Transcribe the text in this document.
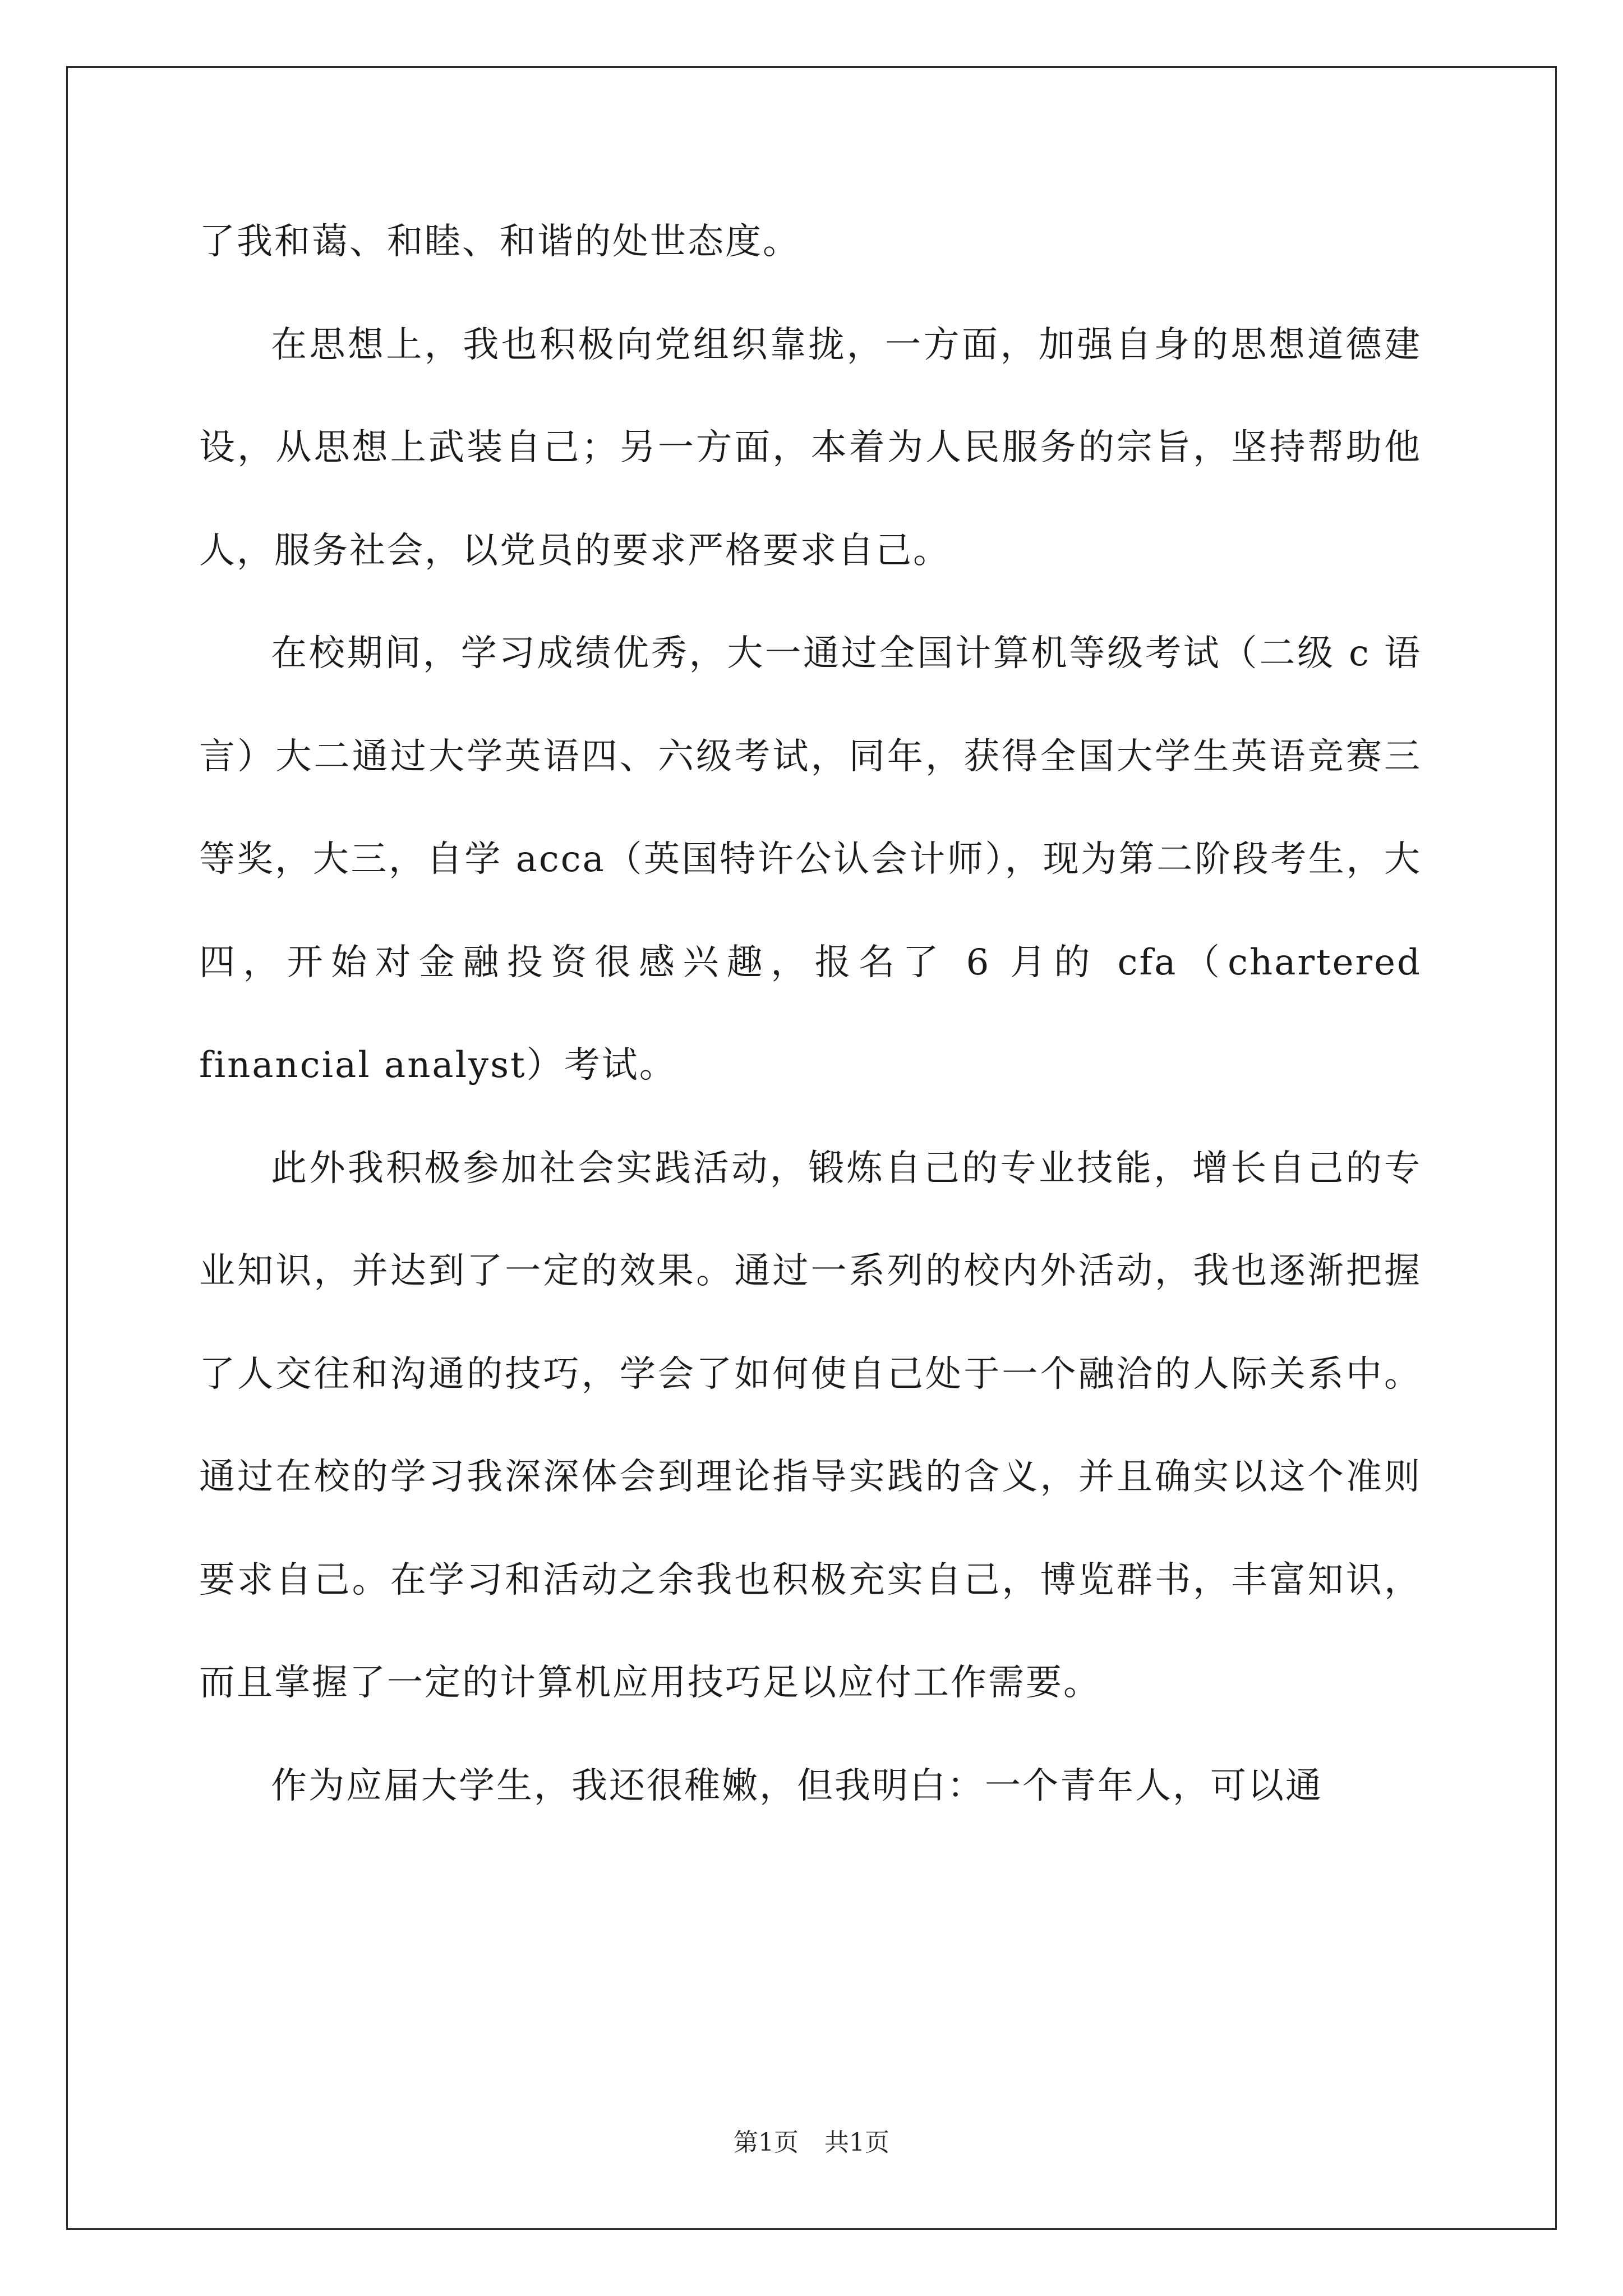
了我和蔼、和睦、和谐的处世态度。

在思想上，我也积极向党组织靠拢，一方面，加强自身的思想道德建设，从思想上武装自己；另一方面，本着为人民服务的宗旨，坚持帮助他人，服务社会，以党员的要求严格要求自己。

在校期间，学习成绩优秀，大一通过全国计算机等级考试（二级 c 语言）大二通过大学英语四、六级考试，同年，获得全国大学生英语竞赛三等奖，大三，自学 acca（英国特许公认会计师），现为第二阶段考生，大四，开始对金融投资很感兴趣，报名了 6 月的 cfa（chartered financial analyst）考试。

此外我积极参加社会实践活动，锻炼自己的专业技能，增长自己的专业知识，并达到了一定的效果。通过一系列的校内外活动，我也逐渐把握了人交往和沟通的技巧，学会了如何使自己处于一个融洽的人际关系中。通过在校的学习我深深体会到理论指导实践的含义，并且确实以这个准则要求自己。在学习和活动之余我也积极充实自己，博览群书，丰富知识，而且掌握了一定的计算机应用技巧足以应付工作需要。

作为应届大学生，我还很稚嫩，但我明白：一个青年人，可以通

第1页 共1页
